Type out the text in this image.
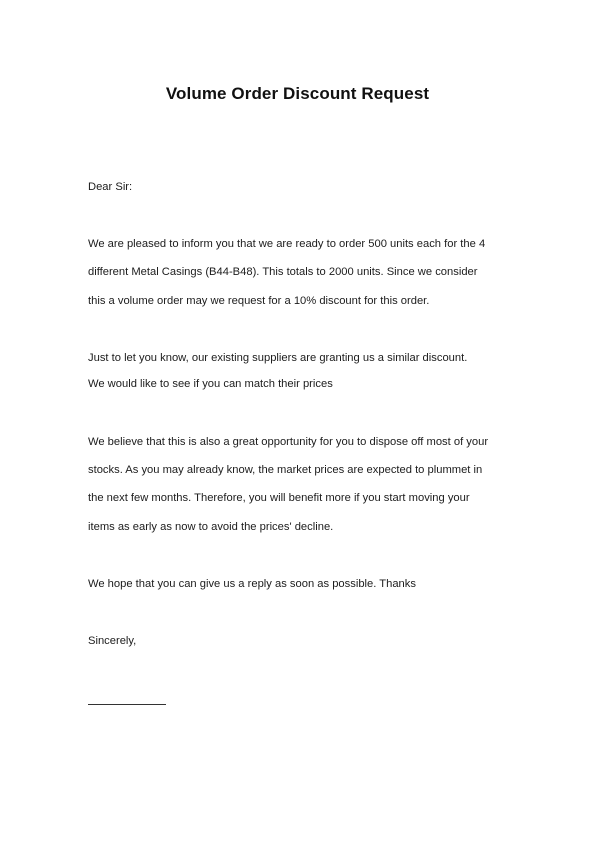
Volume Order Discount Request
Dear Sir:
We are pleased to inform you that we are ready to order 500 units each for the 4
different Metal Casings (B44-B48). This totals to 2000 units. Since we consider
this a volume order may we request for a 10% discount for this order.
Just to let you know, our existing suppliers are granting us a similar discount.
We would like to see if you can match their prices
We believe that this is also a great opportunity for you to dispose off most of your
stocks. As you may already know, the market prices are expected to plummet in
the next few months. Therefore, you will benefit more if you start moving your
items as early as now to avoid the prices' decline.
We hope that you can give us a reply as soon as possible. Thanks
Sincerely,
